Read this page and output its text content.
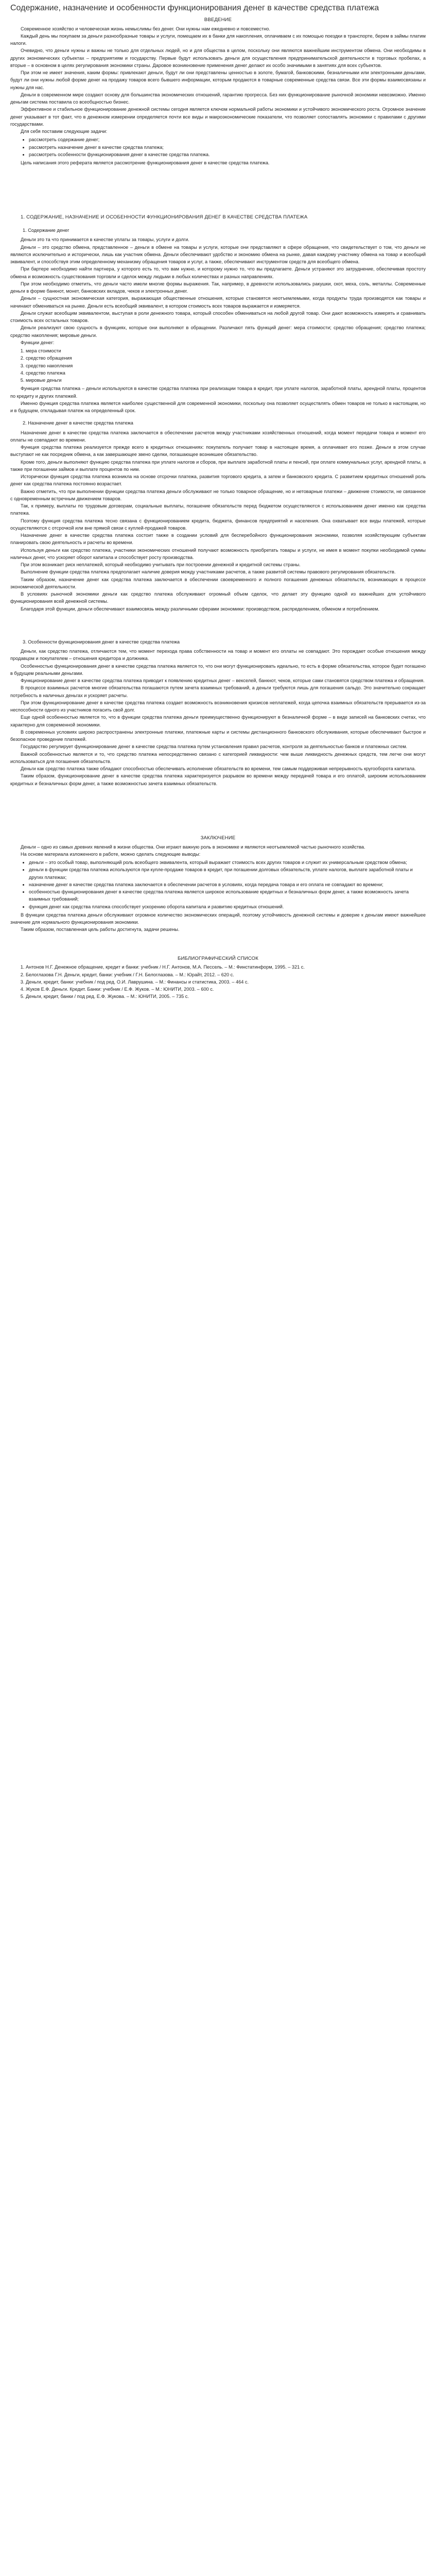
Содержание, назначение и особенности функционирования денег в качестве средства платежа
ВВЕДЕНИЕ

Современное хозяйство и человеческая жизнь немыслимы без денег. Они нужны нам ежедневно и повсеместно.

Каждый день мы покупаем за деньги разнообразные товары и услуги, помещаем их в банки для накопления, оплачиваем с их помощью поездки в транспорте, берем в займы платим налоги.

Очевидно, что деньги нужны и важны не только для отдельных людей, но и для общества в целом, поскольку они являются важнейшим инструментом обмена. Они необходимы в других экономических субъектах – предприятиям и государству. Первые будут использовать деньги для осуществления предпринимательской деятельности в торговых пробелах, а вторые – в основном в целях регулирования экономики страны. Даровое возникновение применения денег делают их особо значимыми в занятиях для всех субъектов.

При этом не имеет значения, каким формы: привлекают деньги, будут ли они представлены ценностью в золоте, бумагой, банковскими, безналичными или электронными деньгами, будут ли они нужны любой форме денег на продажу товаров всего бывшего информации, которым продаются в товарные современные средства связи. Все эти формы взаимосвязаны и нужны для нас.

Деньги в современном мире создают основу для большинства экономических отношений, гарантию прогресса. Без них функционирование рыночной экономики невозможно. Именно деньгам система поставила со всеобщностью бизнес.

Эффективное и стабильное функционирование денежной системы сегодня является ключом нормальной работы экономики и устойчивого экономического роста. Огромное значение денег указывает в тот факт, что в денежном измерении определяется почти все виды и макроэкономические показатели, что позволяет сопоставлять экономики с правилами с другими государствами.

Для себя поставим следующие задачи:

• рассмотреть содержание денег;
• рассмотреть назначение денег в качестве средства платежа;
• рассмотреть особенности функционирования денег в качестве средства платежа.

Цель написания этого реферата является рассмотрение функционирования денег в качестве средства платежа.

1. СОДЕРЖАНИЕ, НАЗНАЧЕНИЕ И ОСОБЕННОСТИ ФУНКЦИОНИРОВАНИЯ ДЕНЕГ В КАЧЕСТВЕ СРЕДСТВА ПЛАТЕЖА
1. Содержание денег

Деньги это та что принимается в качестве уплаты за товары, услуги и долги.

Деньги – это средство обмена, представленное – деньги в обмене на товары и услуги, которые они представляют в сфере обращения, что свидетельствует о том, что деньги не являются исключительно и исторически, лишь как участник обмена. Деньги обеспечивают удобство и экономию обмена на рынке, давая каждому участнику обмена на товар и всеобщий эквивалент, и способствуя этим определенному механизму обращения товаров и услуг, а также, обеспечивают инструментом средств для всеобщего обмена.

При бартере необходимо найти партнера, у которого есть то, что вам нужно, и которому нужно то, что вы предлагаете. Деньги устраняют это затруднение, обеспечивая простоту обмена и возможность существования торговли и сделок между людьми в любых количествах и разных направлениях.

При этом необходимо отметить, что деньги часто имели многие формы выражения. Так, например, в древности использовались ракушки, скот, меха, соль, металлы. Современные деньги в форме банкнот, монет, банковских вкладов, чеков и электронных денег.

Деньги – сущностная экономическая категория, выражающая общественные отношения, которые становятся неотъемлемыми, когда продукты труда производятся как товары и начинают обмениваться на рынке. Деньги есть всеобщий эквивалент, в котором стоимость всех товаров выражается и измеряется.

Деньги служат всеобщим эквивалентом, выступая в роли денежного товара, который способен обмениваться на любой другой товар. Они дают возможность измерять и сравнивать стоимость всех остальных товаров.

Деньги реализуют свою сущность в функциях, которые они выполняют в обращении. Различают пять функций денег: мера стоимости; средство обращения; средство платежа; средство накопления; мировые деньги.

Функции денег:

1. мера стоимости
2. средство обращения
3. средство накопления
4. средство платежа
5. мировые деньги

Функция средства платежа – деньги используются в качестве средства платежа при реализации товара в кредит, при уплате налогов, заработной платы, арендной платы, процентов по кредиту и других платежей.

Именно функция средства платежа является наиболее существенной для современной экономики, поскольку она позволяет осуществлять обмен товаров не только в настоящем, но и в будущем, откладывая платеж на определенный срок.

2. Назначение денег в качестве средства платежа

Назначение денег в качестве средства платежа заключается в обеспечении расчетов между участниками хозяйственных отношений, когда момент передачи товара и момент его оплаты не совпадают во времени.

Функция средства платежа реализуется прежде всего в кредитных отношениях: покупатель получает товар в настоящее время, а оплачивает его позже. Деньги в этом случае выступают не как посредник обмена, а как завершающее звено сделки, погашающее возникшее обязательство.

Кроме того, деньги выполняют функцию средства платежа при уплате налогов и сборов, при выплате заработной платы и пенсий, при оплате коммунальных услуг, арендной платы, а также при погашении займов и выплате процентов по ним.

Исторически функция средства платежа возникла на основе отсрочки платежа, развития торгового кредита, а затем и банковского кредита. С развитием кредитных отношений роль денег как средства платежа постоянно возрастает.

Важно отметить, что при выполнении функции средства платежа деньги обслуживают не только товарное обращение, но и нетоварные платежи – движение стоимости, не связанное с одновременным встречным движением товаров.

Так, к примеру, выплаты по трудовым договорам, социальные выплаты, погашение обязательств перед бюджетом осуществляются с использованием денег именно как средства платежа.

Поэтому функция средства платежа тесно связана с функционированием кредита, бюджета, финансов предприятий и населения. Она охватывает все виды платежей, которые осуществляются с отсрочкой или вне прямой связи с куплей-продажей товаров.

Назначение денег в качестве средства платежа состоит также в создании условий для бесперебойного функционирования экономики, позволяя хозяйствующим субъектам планировать свою деятельность и расчеты во времени.

Используя деньги как средство платежа, участники экономических отношений получают возможность приобретать товары и услуги, не имея в момент покупки необходимой суммы наличных денег, что ускоряет оборот капитала и способствует росту производства.

При этом возникает риск неплатежей, который необходимо учитывать при построении денежной и кредитной системы страны.

Выполнение функции средства платежа предполагает наличие доверия между участниками расчетов, а также развитой системы правового регулирования обязательств.

Таким образом, назначение денег как средства платежа заключается в обеспечении своевременного и полного погашения денежных обязательств, возникающих в процессе экономической деятельности.

В условиях рыночной экономики деньги как средство платежа обслуживают огромный объем сделок, что делает эту функцию одной из важнейших для устойчивого функционирования всей денежной системы.

Благодаря этой функции, деньги обеспечивают взаимосвязь между различными сферами экономики: производством, распределением, обменом и потреблением.

3. Особенности функционирования денег в качестве средства платежа

Деньги, как средство платежа, отличаются тем, что момент перехода права собственности на товар и момент его оплаты не совпадают. Это порождает особые отношения между продавцом и покупателем – отношения кредитора и должника.

Особенностью функционирования денег в качестве средства платежа является то, что они могут функционировать идеально, то есть в форме обязательства, которое будет погашено в будущем реальными деньгами.

Функционирование денег в качестве средства платежа приводит к появлению кредитных денег – векселей, банкнот, чеков, которые сами становятся средством платежа и обращения.

В процессе взаимных расчетов многие обязательства погашаются путем зачета взаимных требований, а деньги требуются лишь для погашения сальдо. Это значительно сокращает потребность в наличных деньгах и ускоряет расчеты.

При этом функционирование денег в качестве средства платежа создает возможность возникновения кризисов неплатежей, когда цепочка взаимных обязательств прерывается из-за неспособности одного из участников погасить свой долг.

Еще одной особенностью является то, что в функции средства платежа деньги преимущественно функционируют в безналичной форме – в виде записей на банковских счетах, что характерно для современной экономики.

В современных условиях широко распространены электронные платежи, платежные карты и системы дистанционного банковского обслуживания, которые обеспечивают быстрое и безопасное проведение платежей.

Государство регулирует функционирование денег в качестве средства платежа путем установления правил расчетов, контроля за деятельностью банков и платежных систем.

Важной особенностью является и то, что средство платежа непосредственно связано с категорией ликвидности: чем выше ликвидность денежных средств, тем легче они могут использоваться для погашения обязательств.

Деньги как средство платежа также обладают способностью обеспечивать исполнение обязательств во времени, тем самым поддерживая непрерывность кругооборота капитала.

Таким образом, функционирование денег в качестве средства платежа характеризуется разрывом во времени между передачей товара и его оплатой, широким использованием кредитных и безналичных форм денег, а также возможностью зачета взаимных обязательств.

ЗАКЛЮЧЕНИЕ

Деньги – одно из самых древних явлений в жизни общества. Они играют важную роль в экономике и являются неотъемлемой частью рыночного хозяйства.

На основе материала изложенного в работе, можно сделать следующие выводы:

• деньги – это особый товар, выполняющий роль всеобщего эквивалента, который выражает стоимость всех других товаров и служит их универсальным средством обмена;
• деньги в функции средства платежа используются при купле-продаже товаров в кредит, при погашении долговых обязательств, уплате налогов, выплате заработной платы и других платежах;
• назначение денег в качестве средства платежа заключается в обеспечении расчетов в условиях, когда передача товара и его оплата не совпадают во времени;
• особенностью функционирования денег в качестве средства платежа является широкое использование кредитных и безналичных форм денег, а также возможность зачета взаимных требований;
• функция денег как средства платежа способствует ускорению оборота капитала и развитию кредитных отношений.

В функции средства платежа деньги обслуживают огромное количество экономических операций, поэтому устойчивость денежной системы и доверие к деньгам имеют важнейшее значение для нормального функционирования экономики.

Таким образом, поставленная цель работы достигнута, задачи решены.

БИБЛИОГРАФИЧЕСКИЙ СПИСОК
1. Антонов Н.Г. Денежное обращение, кредит и банки: учебник / Н.Г. Антонов, М.А. Пессель. – М.: Финстатинформ, 1995. – 321 с.
2. Белоглазова Г.Н. Деньги, кредит, банки: учебник / Г.Н. Белоглазова. – М.: Юрайт, 2012. – 620 с.
3. Деньги, кредит, банки: учебник / под ред. О.И. Лаврушина. – М.: Финансы и статистика, 2003. – 464 с.
4. Жуков Е.Ф. Деньги. Кредит. Банки: учебник / Е.Ф. Жуков. – М.: ЮНИТИ, 2003. – 600 с.
5. Деньги, кредит, банки / под ред. Е.Ф. Жукова. – М.: ЮНИТИ, 2005. – 735 с.
